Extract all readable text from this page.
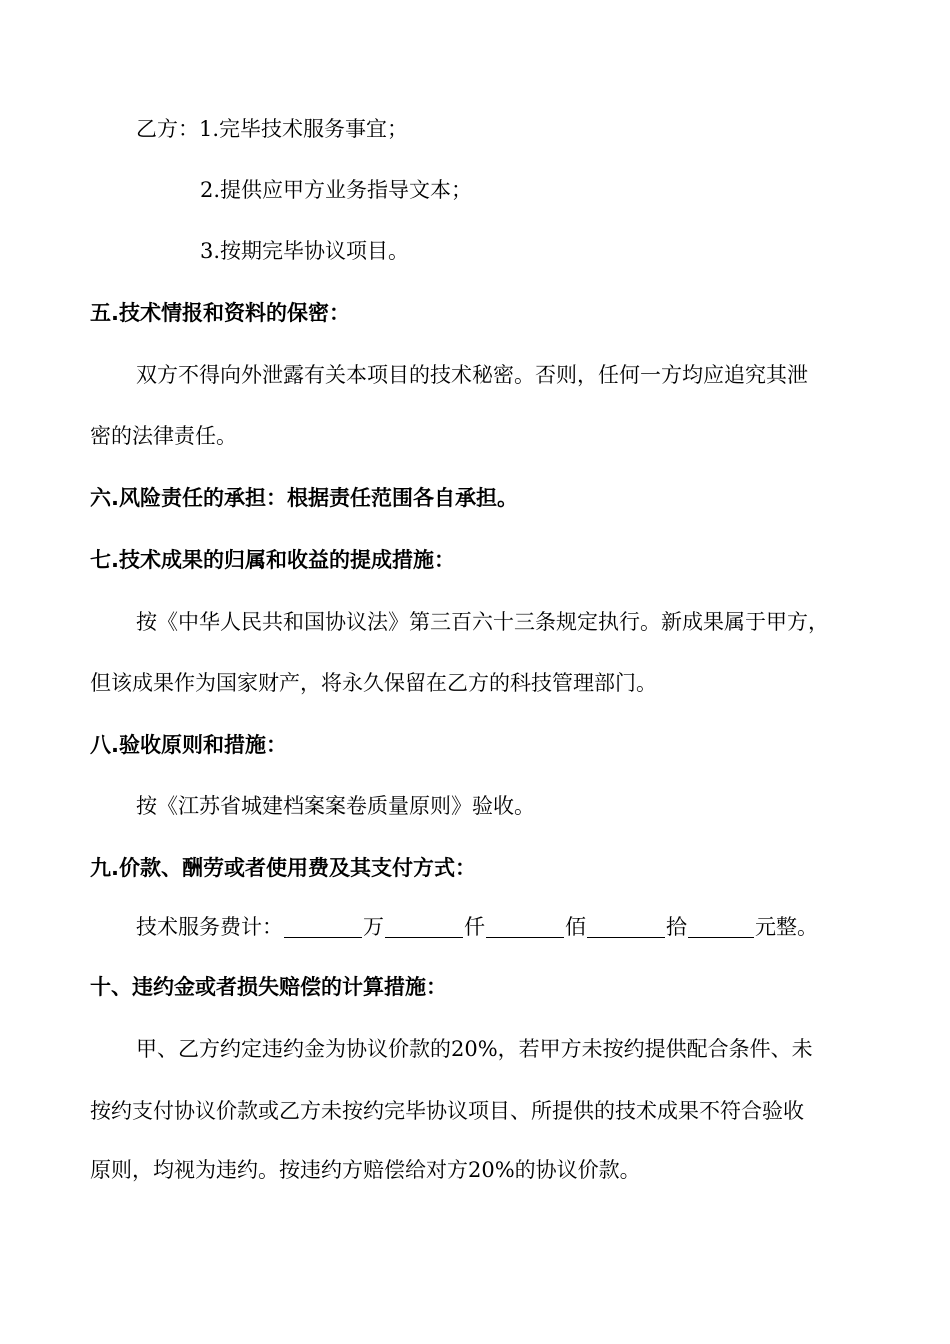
乙方：1.完毕技术服务事宜；
2.提供应甲方业务指导文本；
3.按期完毕协议项目。
五.技术情报和资料的保密：
双方不得向外泄露有关本项目的技术秘密。否则，任何一方均应追究其泄
密的法律责任。
六.风险责任的承担：根据责任范围各自承担。
七.技术成果的归属和收益的提成措施：
按《中华人民共和国协议法》第三百六十三条规定执行。新成果属于甲方，
但该成果作为国家财产，将永久保留在乙方的科技管理部门。
八.验收原则和措施：
按《江苏省城建档案案卷质量原则》验收。
九.价款、酬劳或者使用费及其支付方式：
技术服务费计：	万	仟	佰	拾	元整。
十、违约金或者损失赔偿的计算措施：
甲、乙方约定违约金为协议价款的20%，若甲方未按约提供配合条件、未
按约支付协议价款或乙方未按约完毕协议项目、所提供的技术成果不符合验收
原则，均视为违约。按违约方赔偿给对方20%的协议价款。
